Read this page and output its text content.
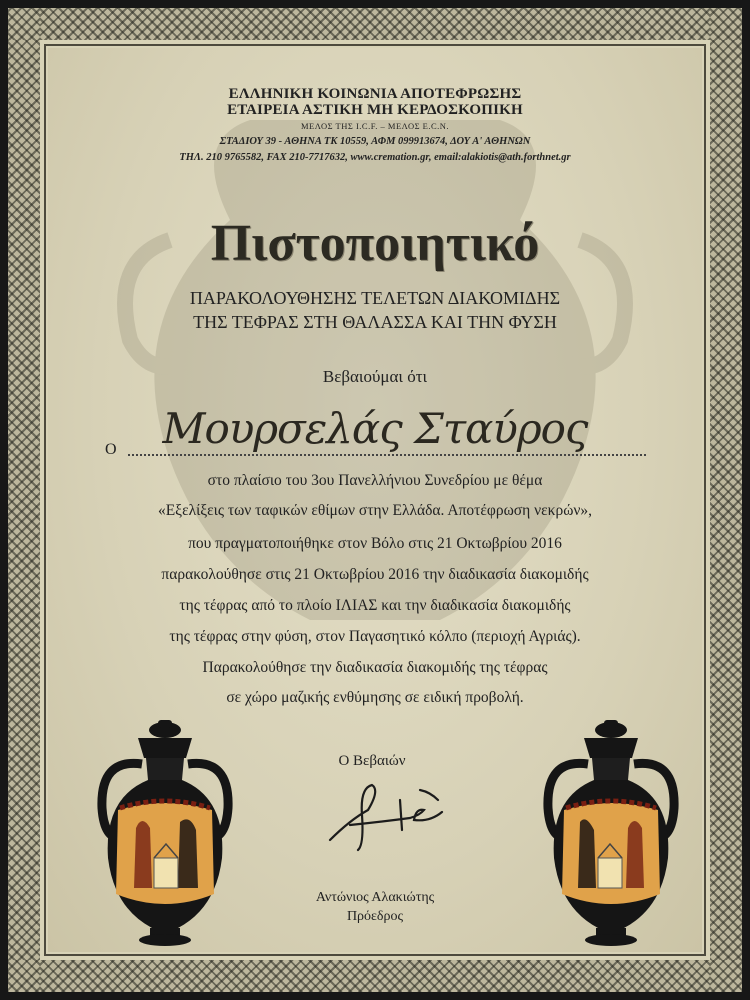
ΕΛΛΗΝΙΚΗ ΚΟΙΝΩΝΙΑ ΑΠΟΤΕΦΡΩΣΗΣ
ΕΤΑΙΡΕΙΑ ΑΣΤΙΚΗ ΜΗ ΚΕΡΔΟΣΚΟΠΙΚΗ
ΜΕΛΟΣ ΤΗΣ I.C.F. – ΜΕΛΟΣ E.C.N.
ΣΤΑΔΙΟΥ 39 - ΑΘΗΝΑ ΤΚ 10559, ΑΦΜ 099913674, ΔΟΥ Α' ΑΘΗΝΩΝ
ΤΗΛ. 210 9765582, FAX 210-7717632, www.cremation.gr, email:alakiotis@ath.forthnet.gr
Πιστοποιητικό
ΠΑΡΑΚΟΛΟΥΘΗΣΗΣ ΤΕΛΕΤΩΝ ΔΙΑΚΟΜΙΔΗΣ
ΤΗΣ ΤΕΦΡΑΣ ΣΤΗ ΘΑΛΑΣΣΑ ΚΑΙ ΤΗΝ ΦΥΣΗ
Βεβαιούμαι ότι
Μουρσελάς Σταύρος
Ο
στο πλαίσιο του 3ου Πανελλήνιου Συνεδρίου με θέμα
«Εξελίξεις των ταφικών εθίμων στην Ελλάδα. Αποτέφρωση νεκρών»,
που πραγματοποιήθηκε στον Βόλο στις 21 Οκτωβρίου 2016
παρακολούθησε στις 21 Οκτωβρίου 2016 την διαδικασία διακομιδής
της τέφρας από το πλοίο ΙΛΙΑΣ και την διαδικασία διακομιδής
της τέφρας στην φύση, στον Παγασητικό κόλπο (περιοχή Αγριάς).
Παρακολούθησε την διαδικασία διακομιδής της τέφρας
σε χώρο μαζικής ενθύμησης σε ειδική προβολή.
Ο Βεβαιών
Αντώνιος Αλακιώτης
Πρόεδρος
